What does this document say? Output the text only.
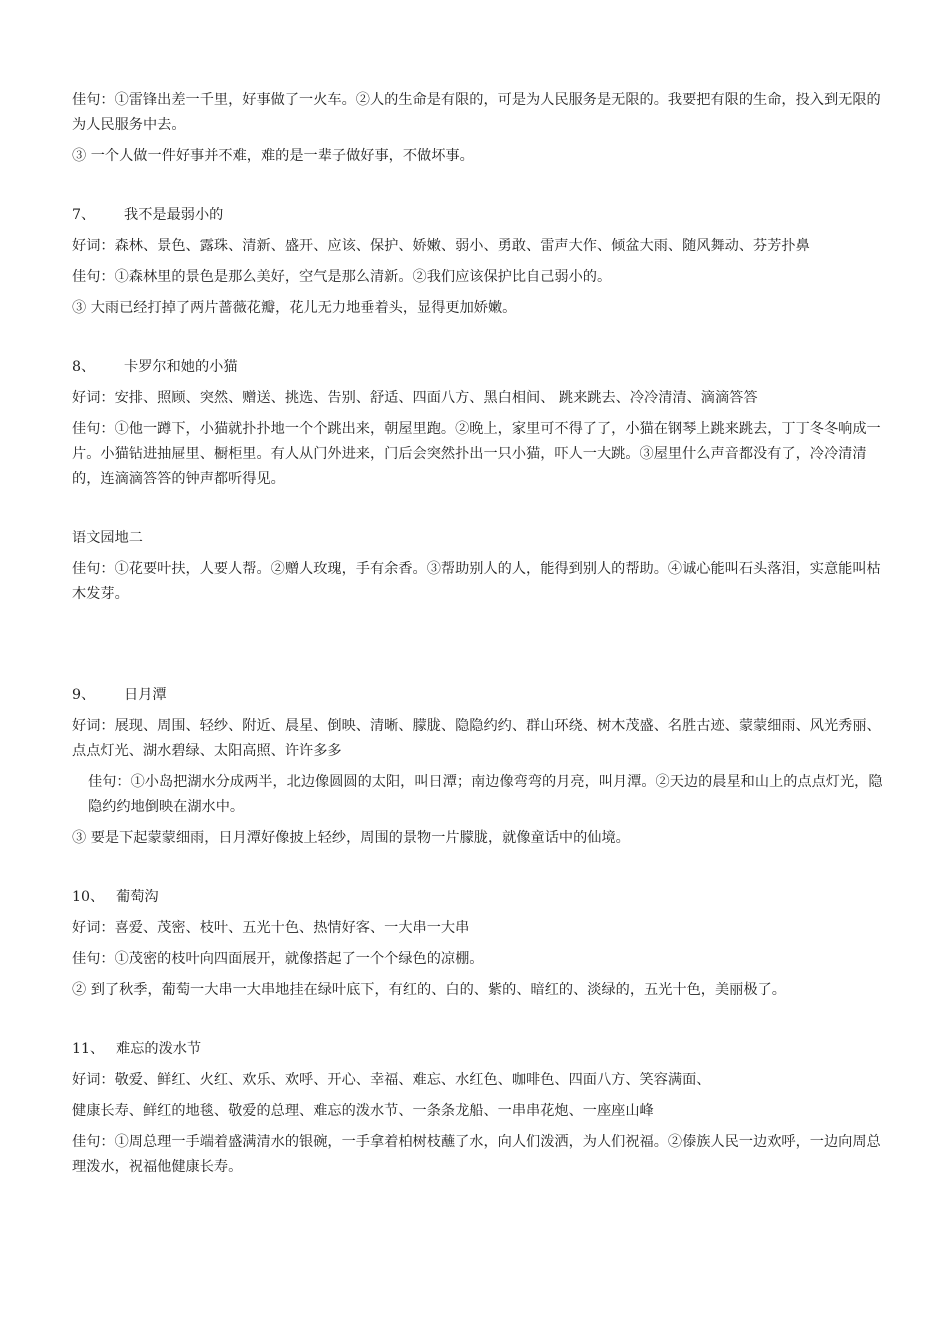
佳句：①雷锋出差一千里，好事做了一火车。②人的生命是有限的，可是为人民服务是无限的。我要把有限的生命，投入到无限的为人民服务中去。

③ 一个人做一件好事并不难，难的是一辈子做好事，不做坏事。

7、 我不是最弱小的

好词：森林、景色、露珠、清新、盛开、应该、保护、娇嫩、弱小、勇敢、雷声大作、倾盆大雨、随风舞动、芬芳扑鼻

佳句：①森林里的景色是那么美好，空气是那么清新。②我们应该保护比自己弱小的。

③ 大雨已经打掉了两片蔷薇花瓣，花儿无力地垂着头，显得更加娇嫩。

8、 卡罗尔和她的小猫

好词：安排、照顾、突然、赠送、挑选、告别、舒适、四面八方、黑白相间、 跳来跳去、冷冷清清、滴滴答答

佳句：①他一蹲下，小猫就扑扑地一个个跳出来，朝屋里跑。②晚上，家里可不得了了，小猫在钢琴上跳来跳去，丁丁冬冬响成一片。小猫钻进抽屉里、橱柜里。有人从门外进来，门后会突然扑出一只小猫，吓人一大跳。③屋里什么声音都没有了，冷冷清清的，连滴滴答答的钟声都听得见。

语文园地二

佳句：①花要叶扶，人要人帮。②赠人玫瑰，手有余香。③帮助别人的人，能得到别人的帮助。④诚心能叫石头落泪，实意能叫枯木发芽。

9、 日月潭

好词：展现、周围、轻纱、附近、晨星、倒映、清晰、朦胧、隐隐约约、群山环绕、树木茂盛、名胜古迹、蒙蒙细雨、风光秀丽、点点灯光、湖水碧绿、太阳高照、许许多多

佳句：①小岛把湖水分成两半，北边像圆圆的太阳，叫日潭；南边像弯弯的月亮，叫月潭。②天边的晨星和山上的点点灯光，隐隐约约地倒映在湖水中。

③ 要是下起蒙蒙细雨，日月潭好像披上轻纱，周围的景物一片朦胧，就像童话中的仙境。

10、 葡萄沟

好词：喜爱、茂密、枝叶、五光十色、热情好客、一大串一大串

佳句：①茂密的枝叶向四面展开，就像搭起了一个个绿色的凉棚。

② 到了秋季，葡萄一大串一大串地挂在绿叶底下，有红的、白的、紫的、暗红的、淡绿的，五光十色，美丽极了。

11、 难忘的泼水节

好词：敬爱、鲜红、火红、欢乐、欢呼、开心、幸福、难忘、水红色、咖啡色、四面八方、笑容满面、

健康长寿、鲜红的地毯、敬爱的总理、难忘的泼水节、一条条龙船、一串串花炮、一座座山峰

佳句：①周总理一手端着盛满清水的银碗，一手拿着柏树枝蘸了水，向人们泼洒，为人们祝福。②傣族人民一边欢呼，一边向周总理泼水，祝福他健康长寿。
